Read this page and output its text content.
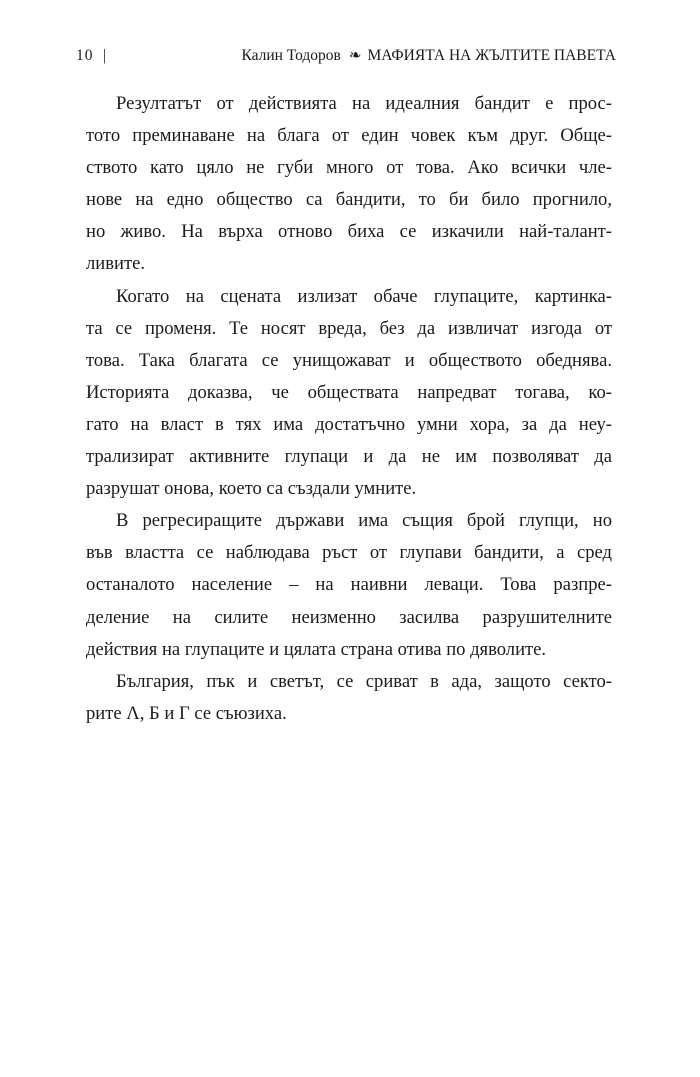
10 |	Калин Тодоров ❧ МАФИЯТА НА ЖЪЛТИТЕ ПАВЕТА
Резултатът от действията на идеалния бандит е прос-
тото преминаване на блага от един човек към друг. Обще-
ството като цяло не губи много от това. Ако всички чле-
нове на едно общество са бандити, то би било прогнило,
но живо. На върха отново биха се изкачили най-талант-
ливите.
Когато на сцената излизат обаче глупаците, картинка-
та се променя. Те носят вреда, без да извличат изгода от
това. Така благата се унищожават и обществото обеднява.
Историята доказва, че обществата напредват тогава, ко-
гато на власт в тях има достатъчно умни хора, за да неу-
трализират активните глупаци и да не им позволяват да
разрушат онова, което са създали умните.
В регресиращите държави има същия брой глупци, но
във властта се наблюдава ръст от глупави бандити, а сред
останалото население – на наивни леваци. Това разпре-
деление на силите неизменно засилва разрушителните
действия на глупаците и цялата страна отива по дяволите.
България, пък и светът, се сриват в ада, защото секто-
рите Λ, Б и Г се съюзиха.
